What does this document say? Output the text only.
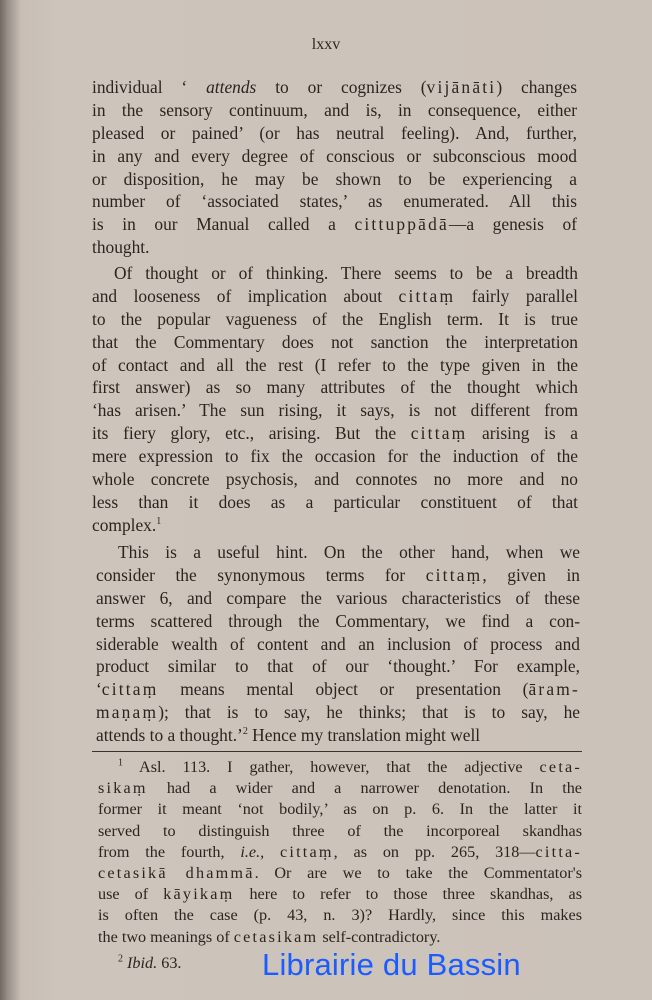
lxxv
individual ‘ attends to or cognizes (vijānāti) changes
in the sensory continuum, and is, in consequence, either
pleased or pained’ (or has neutral feeling). And, further,
in any and every degree of conscious or subconscious mood
or disposition, he may be shown to be experiencing a
number of ‘associated states,’ as enumerated. All this
is in our Manual called a cittuppādā—a genesis of
thought.
Of thought or of thinking. There seems to be a breadth
and looseness of implication about cittaṃ fairly parallel
to the popular vagueness of the English term. It is true
that the Commentary does not sanction the interpretation
of contact and all the rest (I refer to the type given in the
first answer) as so many attributes of the thought which
‘has arisen.’ The sun rising, it says, is not different from
its fiery glory, etc., arising. But the cittaṃ arising is a
mere expression to fix the occasion for the induction of the
whole concrete psychosis, and connotes no more and no
less than it does as a particular constituent of that
complex.$^1$
This is a useful hint. On the other hand, when we
consider the synonymous terms for cittaṃ, given in
answer 6, and compare the various characteristics of these
terms scattered through the Commentary, we find a con-
siderable wealth of content and an inclusion of process and
product similar to that of our ‘thought.’ For example,
‘cittaṃ means mental object or presentation (āram-
maṇaṃ); that is to say, he thinks; that is to say, he
attends to a thought.’$^2$ Hence my translation might well
$^1$ Asl. 113. I gather, however, that the adjective ceta-
sikaṃ had a wider and a narrower denotation. In the
former it meant ‘not bodily,’ as on p. 6. In the latter it
served to distinguish three of the incorporeal skandhas
from the fourth, i.e., cittaṃ, as on pp. 265, 318—citta-
cetasikā dhammā. Or are we to take the Commentator's
use of kāyikaṃ here to refer to those three skandhas, as
is often the case (p. 43, n. 3)? Hardly, since this makes
the two meanings of cetasikam self-contradictory.
$^2$ Ibid. 63.	Librairie du Bassin
